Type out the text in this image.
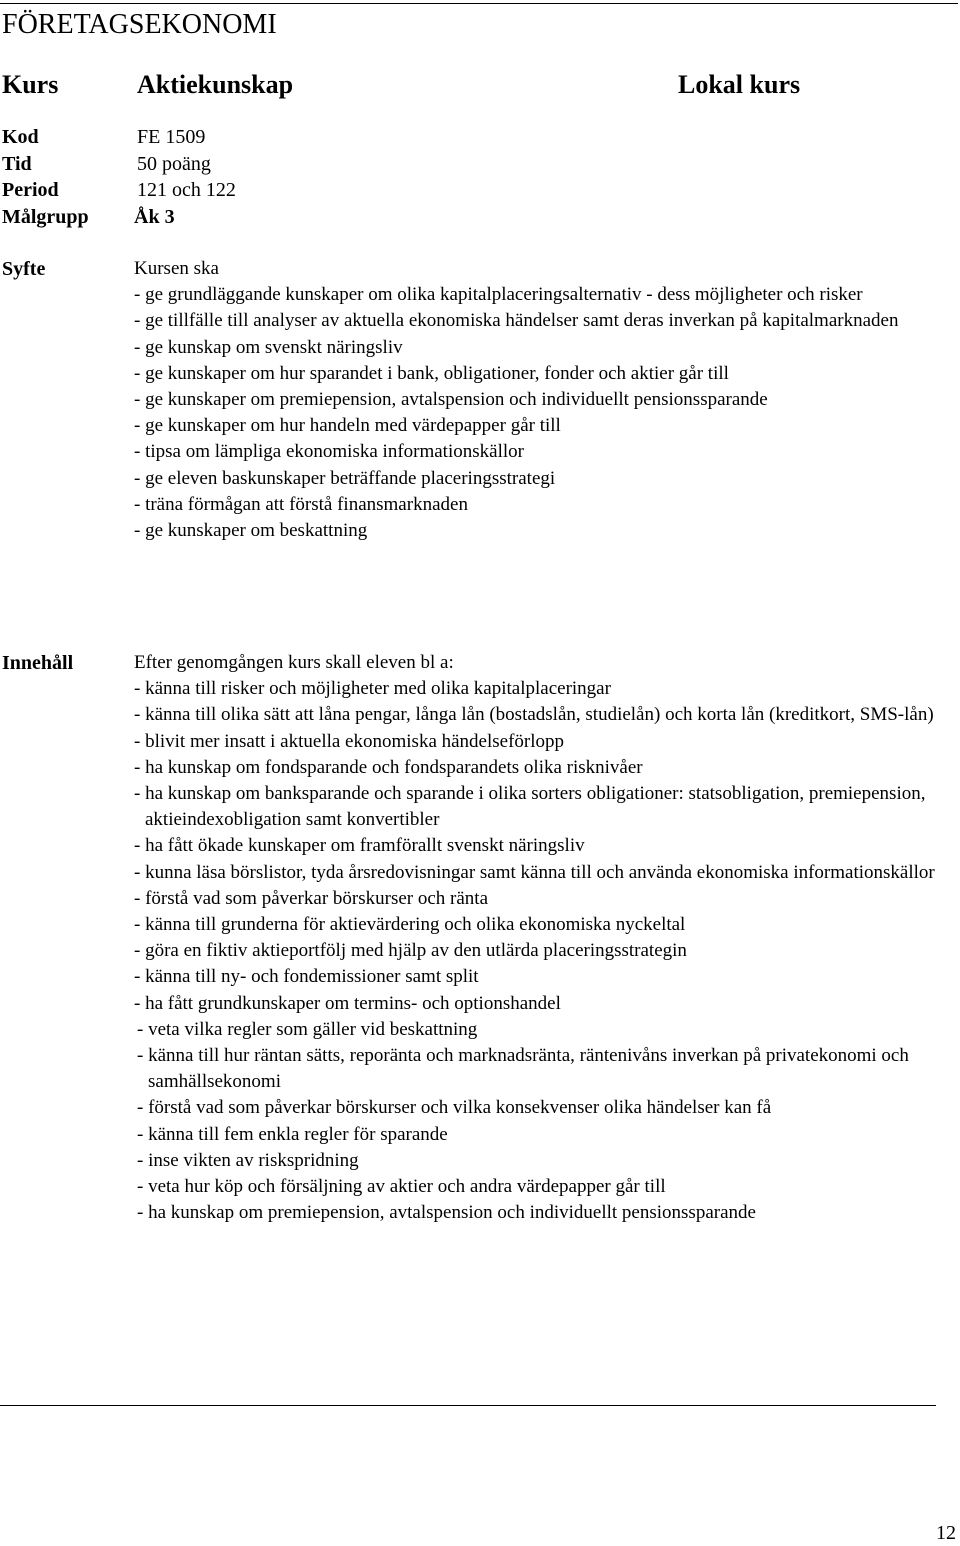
FÖRETAGSEKONOMI
Kurs	Aktiekunskap	Lokal kurs
Kod	FE 1509
Tid	50 poäng
Period	121 och 122
Målgrupp Åk 3
Syfte	Kursen ska

- ge grundläggande kunskaper om olika kapitalplaceringsalternativ - dess möjligheter och risker
- ge tillfälle till analyser av aktuella ekonomiska händelser samt deras inverkan på kapitalmarknaden
- ge kunskap om svenskt näringsliv
- ge kunskaper om hur sparandet i bank, obligationer, fonder och aktier går till
- ge kunskaper om premiepension, avtalspension och individuellt pensionssparande
- ge kunskaper om hur handeln med värdepapper går till
- tipsa om lämpliga ekonomiska informationskällor
- ge eleven baskunskaper beträffande placeringsstrategi
- träna förmågan att förstå finansmarknaden
- ge kunskaper om beskattning
Innehåll	Efter genomgången kurs skall eleven bl a:

- känna till risker och möjligheter med olika kapitalplaceringar
- känna till olika sätt att låna pengar, långa lån (bostadslån, studielån) och korta lån (kreditkort, SMS-lån)
- blivit mer insatt i aktuella ekonomiska händelseförlopp
- ha kunskap om fondsparande och fondsparandets olika risknivåer
- ha kunskap om banksparande och sparande i olika sorters obligationer: statsobligation, premiepension, aktieindexobligation samt konvertibler
- ha fått ökade kunskaper om framförallt svenskt näringsliv
- kunna läsa börslistor, tyda årsredovisningar samt känna till och använda ekonomiska informationskällor
- förstå vad som påverkar börskurser och ränta
- känna till grunderna för aktievärdering och olika ekonomiska nyckeltal
- göra en fiktiv aktieportfölj med hjälp av den utlärda placeringsstrategin
- känna till ny- och fondemissioner samt split
- ha fått grundkunskaper om termins- och optionshandel
- veta vilka regler som gäller vid beskattning
- känna till hur räntan sätts, reporänta och marknadsränta, räntenivåns inverkan på privatekonomi och samhällsekonomi
- förstå vad som påverkar börskurser och vilka konsekvenser olika händelser kan få
- känna till fem enkla regler för sparande
- inse vikten av riskspridning
- veta hur köp och försäljning av aktier och andra värdepapper går till
- ha kunskap om premiepension, avtalspension och individuellt pensionssparande
12
